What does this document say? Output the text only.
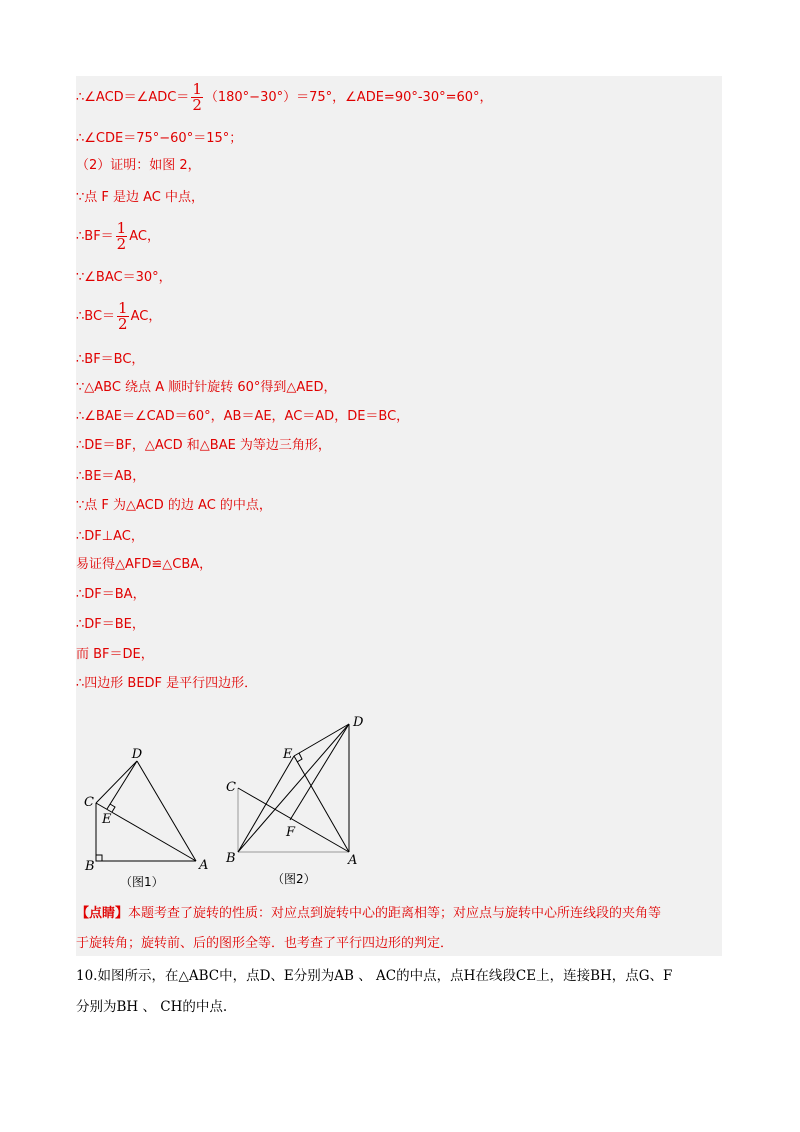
∴∠ACD＝∠ADC＝ $\frac{1}{2} (180^\circ-30^\circ)=75^\circ$，∠ADE=90°-30°=60°，
∴∠CDE＝75°−60°＝15°；
（2）证明：如图 2，
∵点 F 是边 AC 中点，
∴BF＝ $\frac{1}{2}$ AC，
∵∠BAC＝30°，
∴BC＝ $\frac{1}{2}$ AC，
∴BF＝BC，
∵△ABC 绕点 A 顺时针旋转 60°得到△AED，
∴∠BAE＝∠CAD＝60°，AB＝AE，AC＝AD，DE＝BC，
∴DE＝BF，△ACD 和△BAE 为等边三角形，
∴BE＝AB，
∵点 F 为△ACD 的边 AC 的中点，
∴DF⊥AC，
易证得△AFD≌△CBA，
∴DF＝BA，
∴DF＝BE，
而 BF＝DE，
∴四边形 BEDF 是平行四边形．
D
C
E
B	A
（图1）
D
E
C
F
B	A
（图2）
【点睛】本题考查了旋转的性质：对应点到旋转中心的距离相等；对应点与旋转中心所连线段的夹角等
于旋转角；旋转前、后的图形全等．也考查了平行四边形的判定．
10.如图所示，在△ABC中，点D、E分别为AB 、 AC的中点，点H在线段CE上，连接BH，点G、F
分别为BH 、 CH的中点.
